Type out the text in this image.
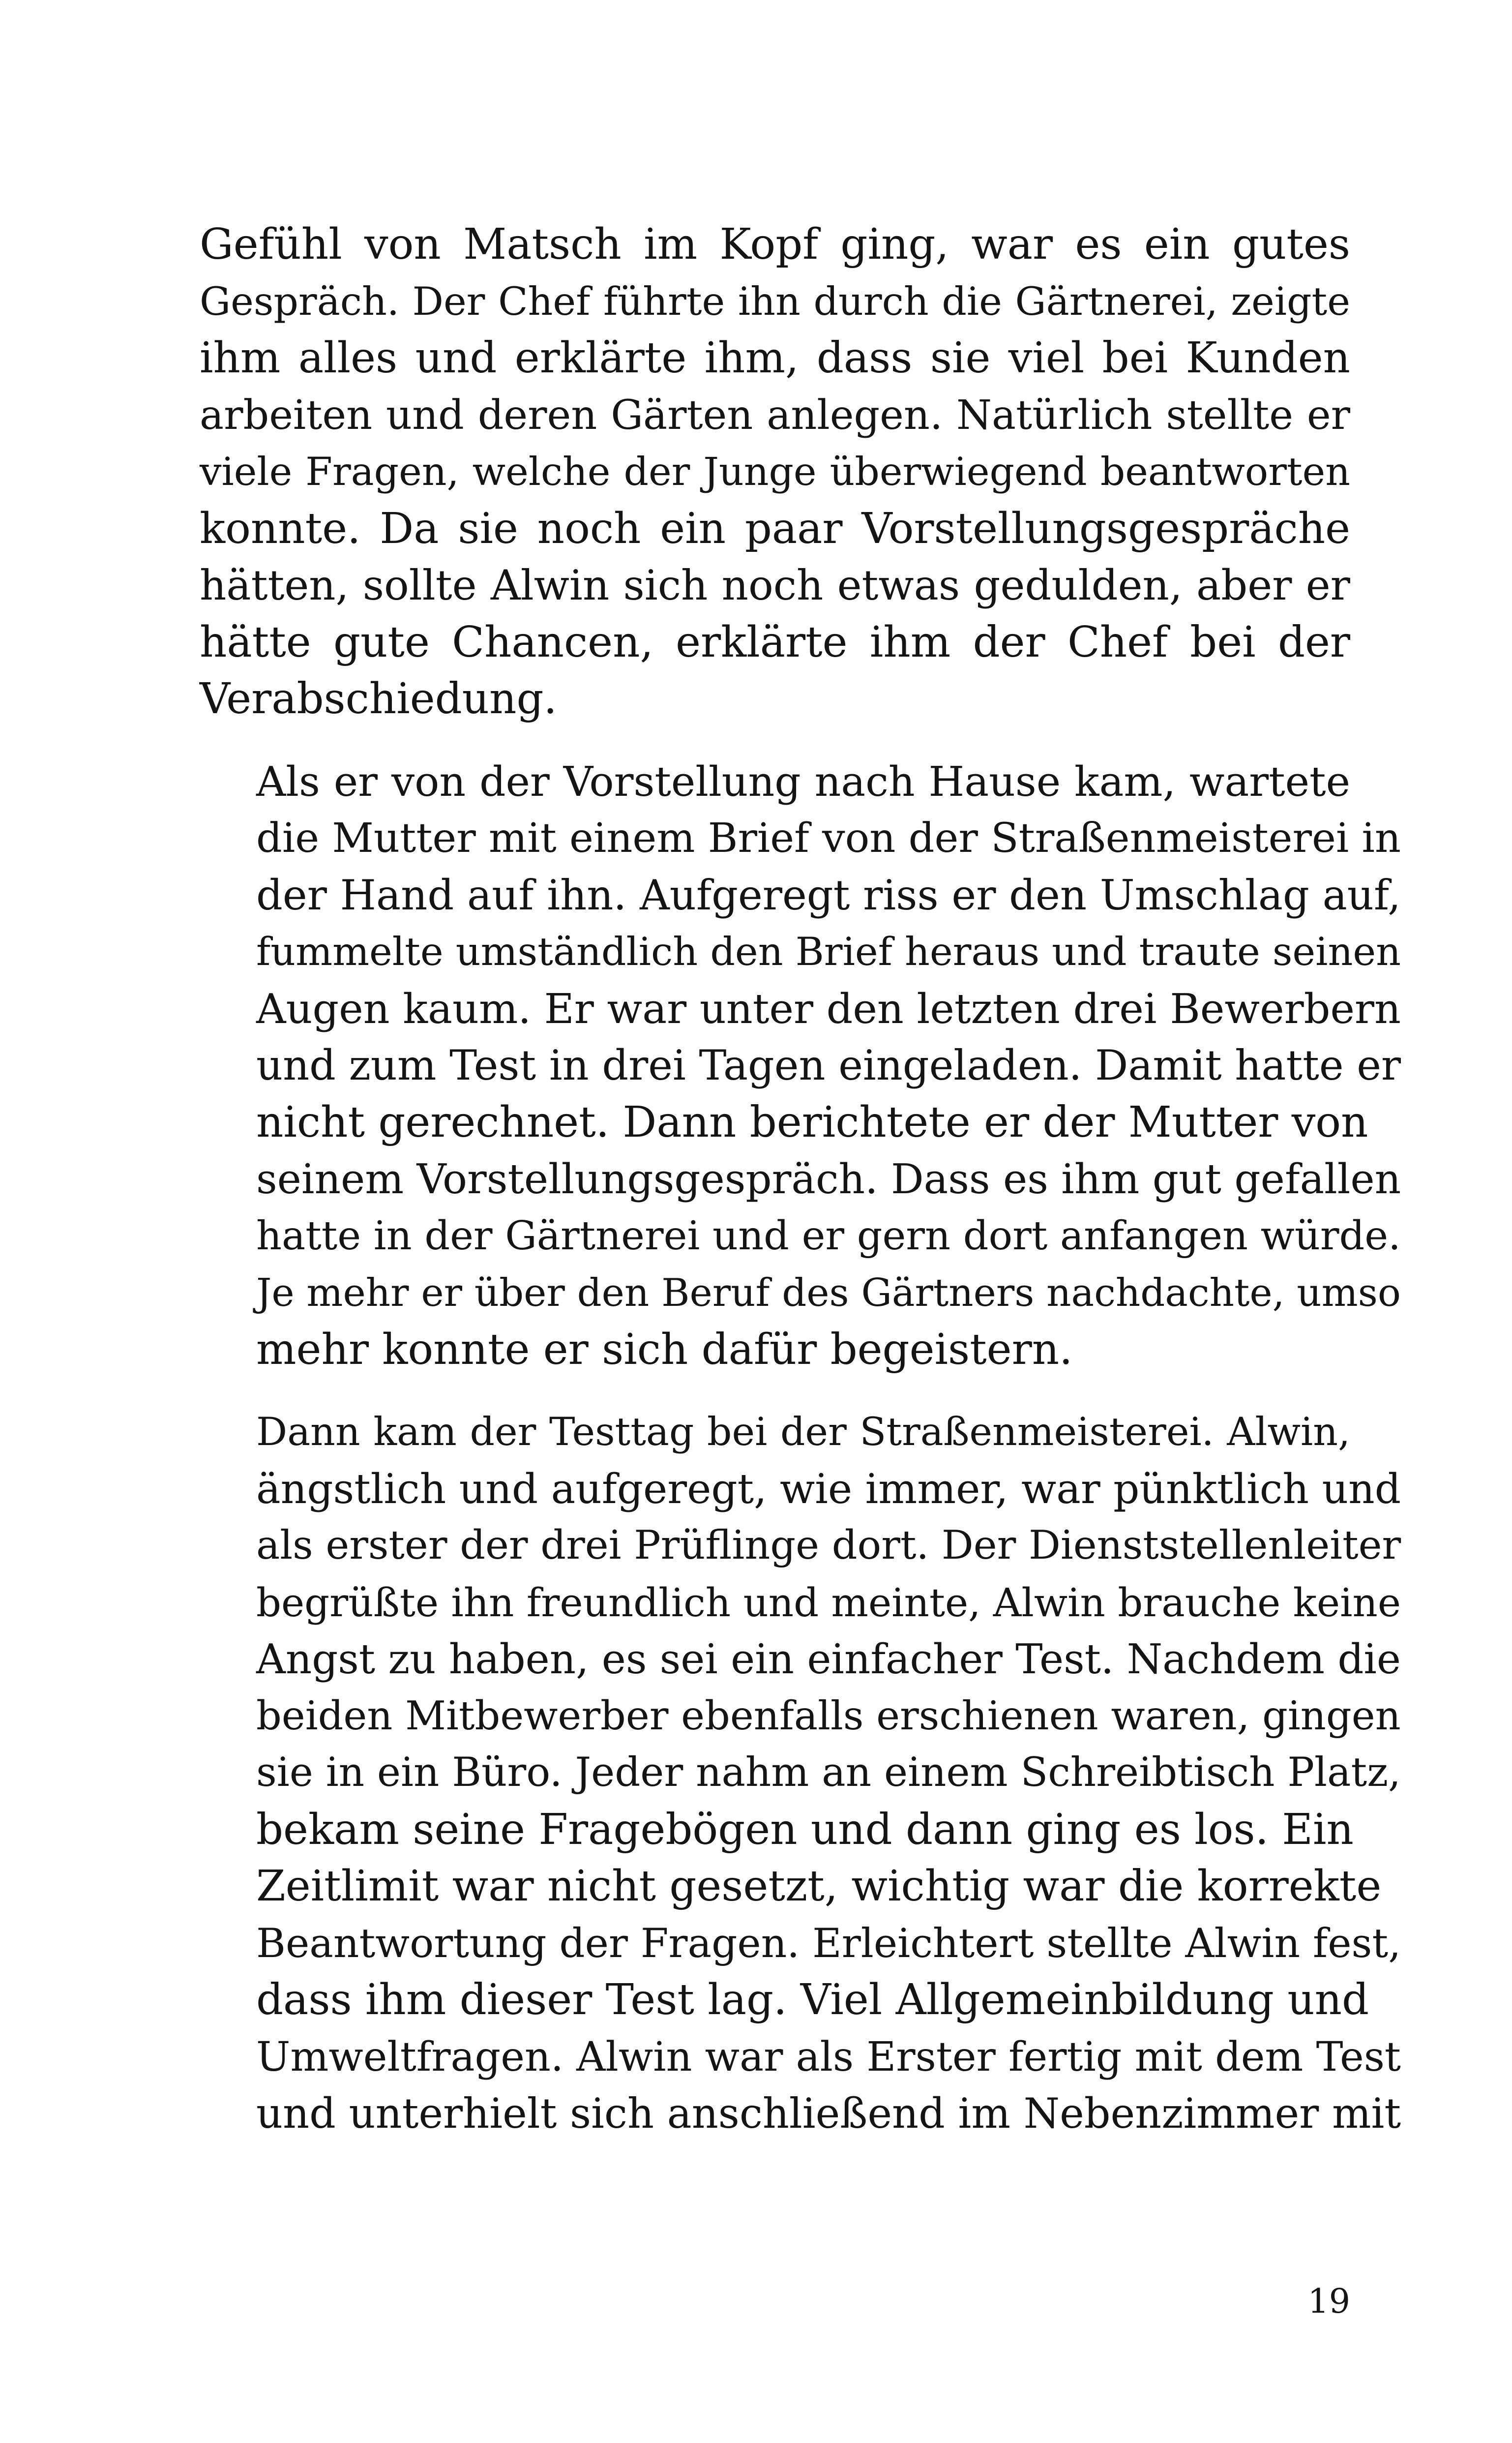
Gefühl von Matsch im Kopf ging, war es ein gutes
Gespräch. Der Chef führte ihn durch die Gärtnerei, zeigte
ihm alles und erklärte ihm, dass sie viel bei Kunden
arbeiten und deren Gärten anlegen. Natürlich stellte er
viele Fragen, welche der Junge überwiegend beantworten
konnte. Da sie noch ein paar Vorstellungsgespräche
hätten, sollte Alwin sich noch etwas gedulden, aber er
hätte gute Chancen, erklärte ihm der Chef bei der
Verabschiedung.

Als er von der Vorstellung nach Hause kam, wartete
die Mutter mit einem Brief von der Straßenmeisterei in
der Hand auf ihn. Aufgeregt riss er den Umschlag auf,
fummelte umständlich den Brief heraus und traute seinen
Augen kaum. Er war unter den letzten drei Bewerbern
und zum Test in drei Tagen eingeladen. Damit hatte er
nicht gerechnet. Dann berichtete er der Mutter von
seinem Vorstellungsgespräch. Dass es ihm gut gefallen
hatte in der Gärtnerei und er gern dort anfangen würde.
Je mehr er über den Beruf des Gärtners nachdachte, umso
mehr konnte er sich dafür begeistern.

Dann kam der Testtag bei der Straßenmeisterei. Alwin,
ängstlich und aufgeregt, wie immer, war pünktlich und
als erster der drei Prüflinge dort. Der Dienststellenleiter
begrüßte ihn freundlich und meinte, Alwin brauche keine
Angst zu haben, es sei ein einfacher Test. Nachdem die
beiden Mitbewerber ebenfalls erschienen waren, gingen
sie in ein Büro. Jeder nahm an einem Schreibtisch Platz,
bekam seine Fragebögen und dann ging es los. Ein
Zeitlimit war nicht gesetzt, wichtig war die korrekte
Beantwortung der Fragen. Erleichtert stellte Alwin fest,
dass ihm dieser Test lag. Viel Allgemeinbildung und
Umweltfragen. Alwin war als Erster fertig mit dem Test
und unterhielt sich anschließend im Nebenzimmer mit

19
